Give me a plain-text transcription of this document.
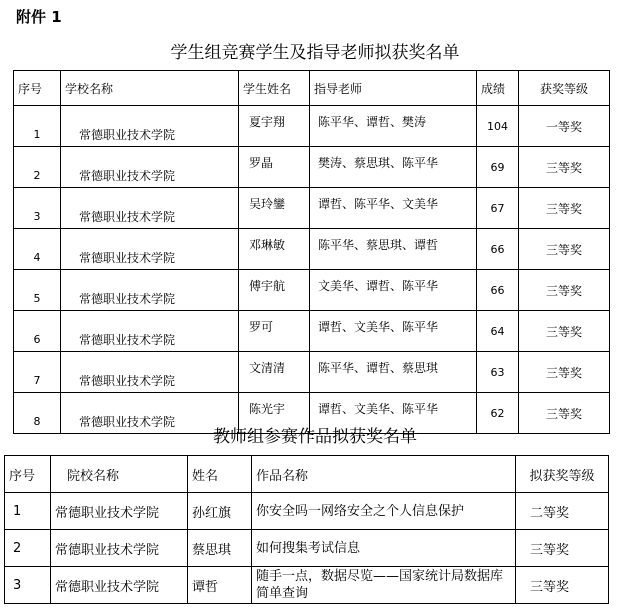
附件 1
学生组竞赛学生及指导老师拟获奖名单
序号	学校名称	学生姓名	指导老师	成绩	获奖等级
1	常德职业技术学院	夏宇翔	陈平华、谭哲、樊涛	104	一等奖
2	常德职业技术学院	罗晶	樊涛、蔡思琪、陈平华	69	三等奖
3	常德职业技术学院	吴玲鑾	谭哲、陈平华、文美华	67	三等奖
4	常德职业技术学院	邓琳敏	陈平华、蔡思琪、谭哲	66	三等奖
5	常德职业技术学院	傅宇航	文美华、谭哲、陈平华	66	三等奖
6	常德职业技术学院	罗可	谭哲、文美华、陈平华	64	三等奖
7	常德职业技术学院	文清清	陈平华、谭哲、蔡思琪	63	三等奖
8	常德职业技术学院	陈光宇	谭哲、文美华、陈平华	62	三等奖
教师组参赛作品拟获奖名单
序号	院校名称	姓名	作品名称	拟获奖等级
1	常德职业技术学院	孙红旗	你安全吗一网络安全之个人信息保护	二等奖
2	常德职业技术学院	蔡思琪	如何搜集考试信息	三等奖
3	常德职业技术学院	谭哲	随手一点，数据尽览——国家统计局数据库简单查询	三等奖
